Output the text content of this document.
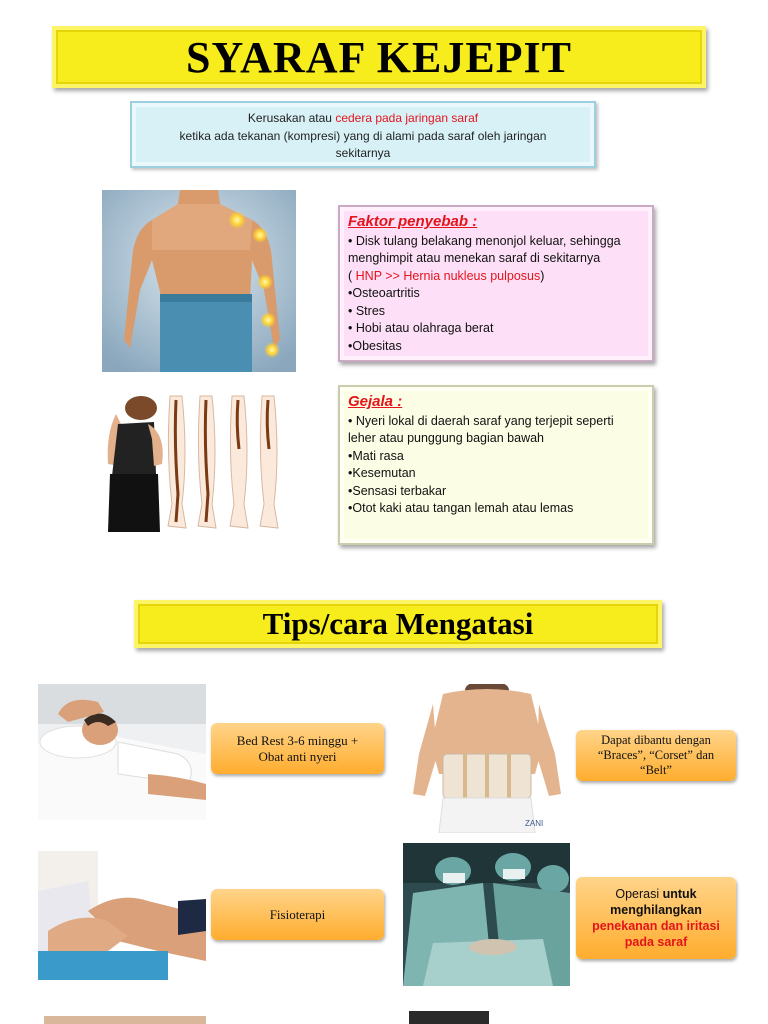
SYARAF KEJEPIT
Kerusakan atau cedera pada jaringan saraf
ketika ada tekanan (kompresi) yang di alami pada saraf oleh jaringan
sekitarnya
Faktor penyebab :
• Disk tulang belakang menonjol keluar, sehingga
menghimpit atau menekan saraf di sekitarnya
( HNP >> Hernia nukleus pulposus)
•Osteoartritis
• Stres
• Hobi atau olahraga berat
•Obesitas
Gejala :
• Nyeri lokal di daerah saraf yang terjepit seperti
leher atau punggung bagian bawah
•Mati rasa
•Kesemutan
•Sensasi terbakar
•Otot kaki atau tangan lemah atau lemas
Tips/cara Mengatasi
Bed Rest 3-6 minggu +
Obat anti nyeri
ZANI
Dapat dibantu dengan
“Braces”, “Corset” dan
“Belt”
Fisioterapi
Operasi untuk
menghilangkan
penekanan dan iritasi
pada saraf
